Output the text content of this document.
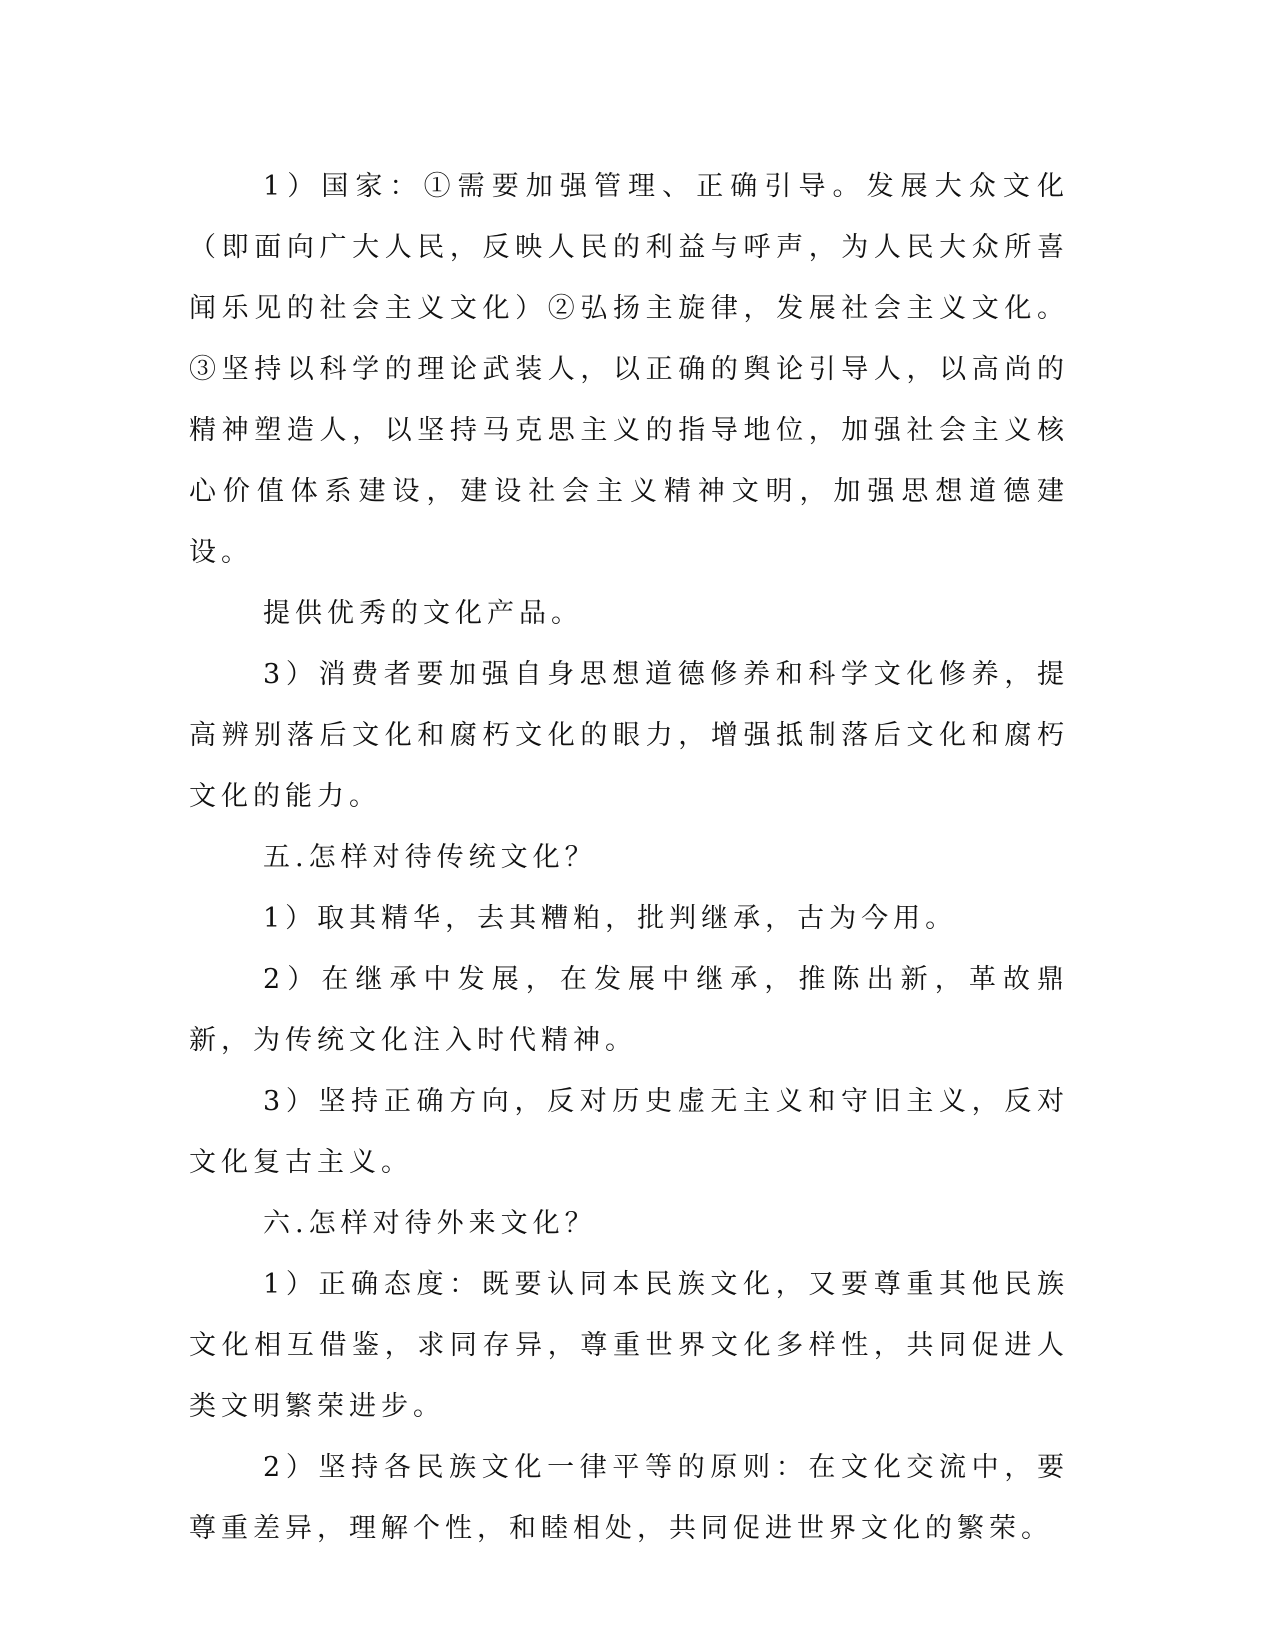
1）国家：①需要加强管理、正确引导。发展大众文化（即面向广大人民，反映人民的利益与呼声，为人民大众所喜闻乐见的社会主义文化）②弘扬主旋律，发展社会主义文化。③坚持以科学的理论武装人，以正确的舆论引导人，以高尚的精神塑造人，以坚持马克思主义的指导地位，加强社会主义核心价值体系建设，建设社会主义精神文明，加强思想道德建设。

提供优秀的文化产品。

3）消费者要加强自身思想道德修养和科学文化修养，提高辨别落后文化和腐朽文化的眼力，增强抵制落后文化和腐朽文化的能力。

五.怎样对待传统文化？

1）取其精华，去其糟粕，批判继承，古为今用。

2）在继承中发展，在发展中继承，推陈出新，革故鼎新，为传统文化注入时代精神。

3）坚持正确方向，反对历史虚无主义和守旧主义，反对文化复古主义。

六.怎样对待外来文化？

1）正确态度：既要认同本民族文化，又要尊重其他民族文化相互借鉴，求同存异，尊重世界文化多样性，共同促进人类文明繁荣进步。

2）坚持各民族文化一律平等的原则：在文化交流中，要尊重差异，理解个性，和睦相处，共同促进世界文化的繁荣。
